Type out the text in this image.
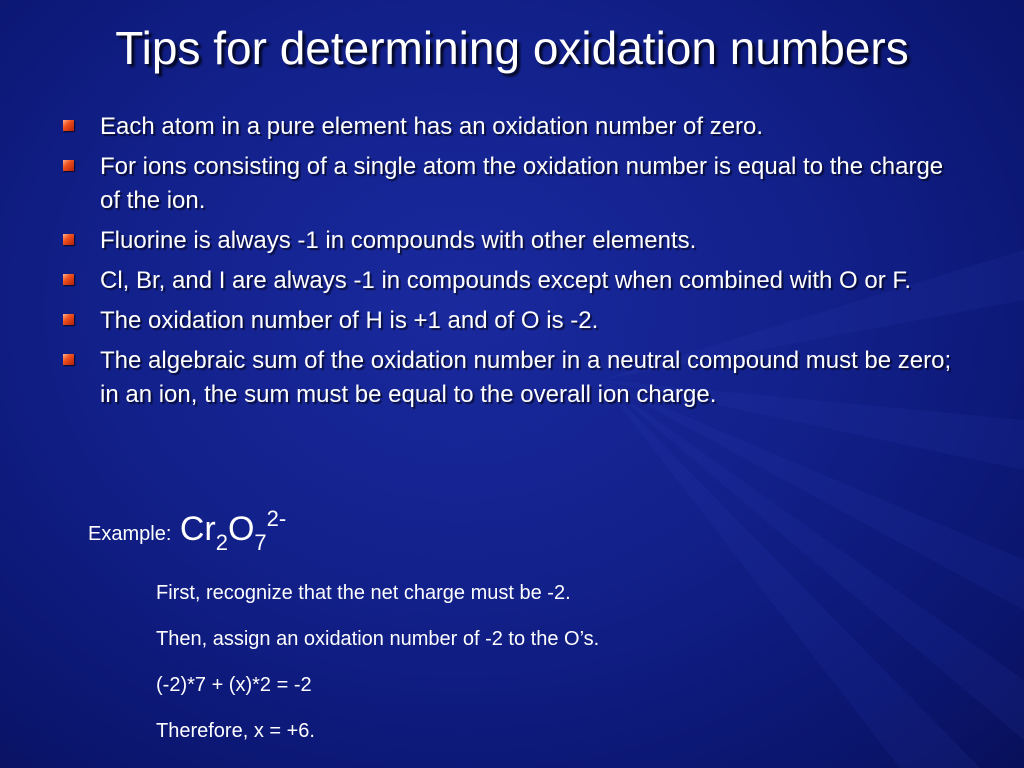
Tips for determining oxidation numbers
Each atom in a pure element has an oxidation number of zero.
For ions consisting of a single atom the oxidation number is equal to the charge of the ion.
Fluorine is always -1 in compounds with other elements.
Cl, Br, and I are always -1 in compounds except when combined with O or F.
The oxidation number of H is +1 and of O is -2.
The algebraic sum of the oxidation number in a neutral compound must be zero; in an ion, the sum must be equal to the overall ion charge.
Example: $Cr_2O_7^{2-}$
First, recognize that the net charge must be -2.
Then, assign an oxidation number of -2 to the O’s.
(-2)*7 + (x)*2 = -2
Therefore, x = +6.
